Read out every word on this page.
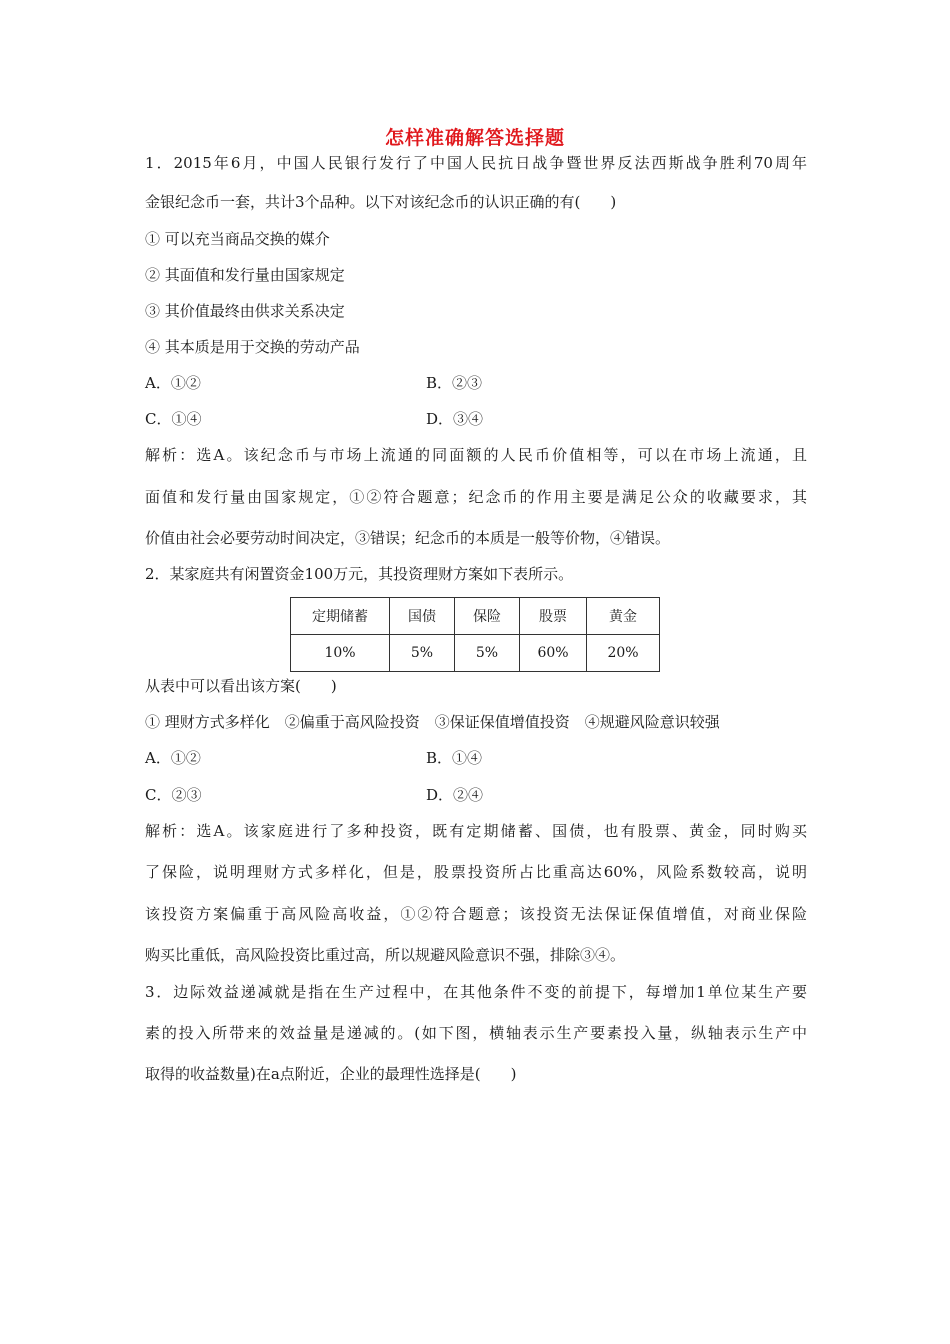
怎样准确解答选择题
1．2015年6月，中国人民银行发行了中国人民抗日战争暨世界反法西斯战争胜利70周年
金银纪念币一套，共计3个品种。以下对该纪念币的认识正确的有(　　)
① 可以充当商品交换的媒介
② 其面值和发行量由国家规定
③ 其价值最终由供求关系决定
④ 其本质是用于交换的劳动产品
A．①②	B．②③
C．①④	D．③④
解析：选A。该纪念币与市场上流通的同面额的人民币价值相等，可以在市场上流通，且
面值和发行量由国家规定，①②符合题意；纪念币的作用主要是满足公众的收藏要求，其
价值由社会必要劳动时间决定，③错误；纪念币的本质是一般等价物，④错误。
2．某家庭共有闲置资金100万元，其投资理财方案如下表所示。
定期储蓄	国债	保险	股票	黄金
10%	5%	5%	60%	20%
从表中可以看出该方案(　　)
① 理财方式多样化　②偏重于高风险投资　③保证保值增值投资　④规避风险意识较强
A．①②	B．①④
C．②③	D．②④
解析：选A。该家庭进行了多种投资，既有定期储蓄、国债，也有股票、黄金，同时购买
了保险，说明理财方式多样化，但是，股票投资所占比重高达60%，风险系数较高，说明
该投资方案偏重于高风险高收益，①②符合题意；该投资无法保证保值增值，对商业保险
购买比重低，高风险投资比重过高，所以规避风险意识不强，排除③④。
3．边际效益递减就是指在生产过程中，在其他条件不变的前提下，每增加1单位某生产要
素的投入所带来的效益量是递减的。(如下图，横轴表示生产要素投入量，纵轴表示生产中
取得的收益数量)在a点附近，企业的最理性选择是(　　)
